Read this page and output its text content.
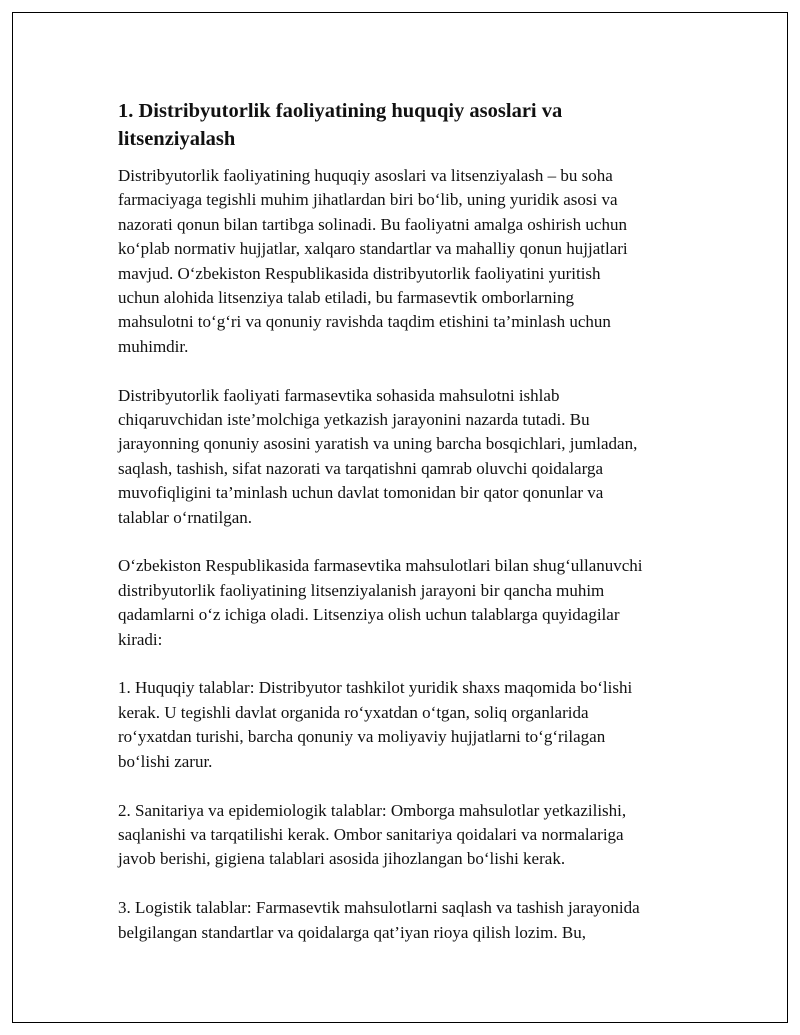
1. Distribyutorlik faoliyatining huquqiy asoslari va
litsenziyalash

Distribyutorlik faoliyatining huquqiy asoslari va litsenziyalash – bu soha
farmaciyaga tegishli muhim jihatlardan biri bo‘lib, uning yuridik asosi va
nazorati qonun bilan tartibga solinadi. Bu faoliyatni amalga oshirish uchun
ko‘plab normativ hujjatlar, xalqaro standartlar va mahalliy qonun hujjatlari
mavjud. O‘zbekiston Respublikasida distribyutorlik faoliyatini yuritish
uchun alohida litsenziya talab etiladi, bu farmasevtik omborlarning
mahsulotni to‘g‘ri va qonuniy ravishda taqdim etishini ta’minlash uchun
muhimdir.

Distribyutorlik faoliyati farmasevtika sohasida mahsulotni ishlab
chiqaruvchidan iste’molchiga yetkazish jarayonini nazarda tutadi. Bu
jarayonning qonuniy asosini yaratish va uning barcha bosqichlari, jumladan,
saqlash, tashish, sifat nazorati va tarqatishni qamrab oluvchi qoidalarga
muvofiqligini ta’minlash uchun davlat tomonidan bir qator qonunlar va
talablar o‘rnatilgan.

O‘zbekiston Respublikasida farmasevtika mahsulotlari bilan shug‘ullanuvchi
distribyutorlik faoliyatining litsenziyalanish jarayoni bir qancha muhim
qadamlarni o‘z ichiga oladi. Litsenziya olish uchun talablarga quyidagilar
kiradi:

1. Huquqiy talablar: Distribyutor tashkilot yuridik shaxs maqomida bo‘lishi
kerak. U tegishli davlat organida ro‘yxatdan o‘tgan, soliq organlarida
ro‘yxatdan turishi, barcha qonuniy va moliyaviy hujjatlarni to‘g‘rilagan
bo‘lishi zarur.

2. Sanitariya va epidemiologik talablar: Omborga mahsulotlar yetkazilishi,
saqlanishi va tarqatilishi kerak. Ombor sanitariya qoidalari va normalariga
javob berishi, gigiena talablari asosida jihozlangan bo‘lishi kerak.

3. Logistik talablar: Farmasevtik mahsulotlarni saqlash va tashish jarayonida
belgilangan standartlar va qoidalarga qat’iyan rioya qilish lozim. Bu,
